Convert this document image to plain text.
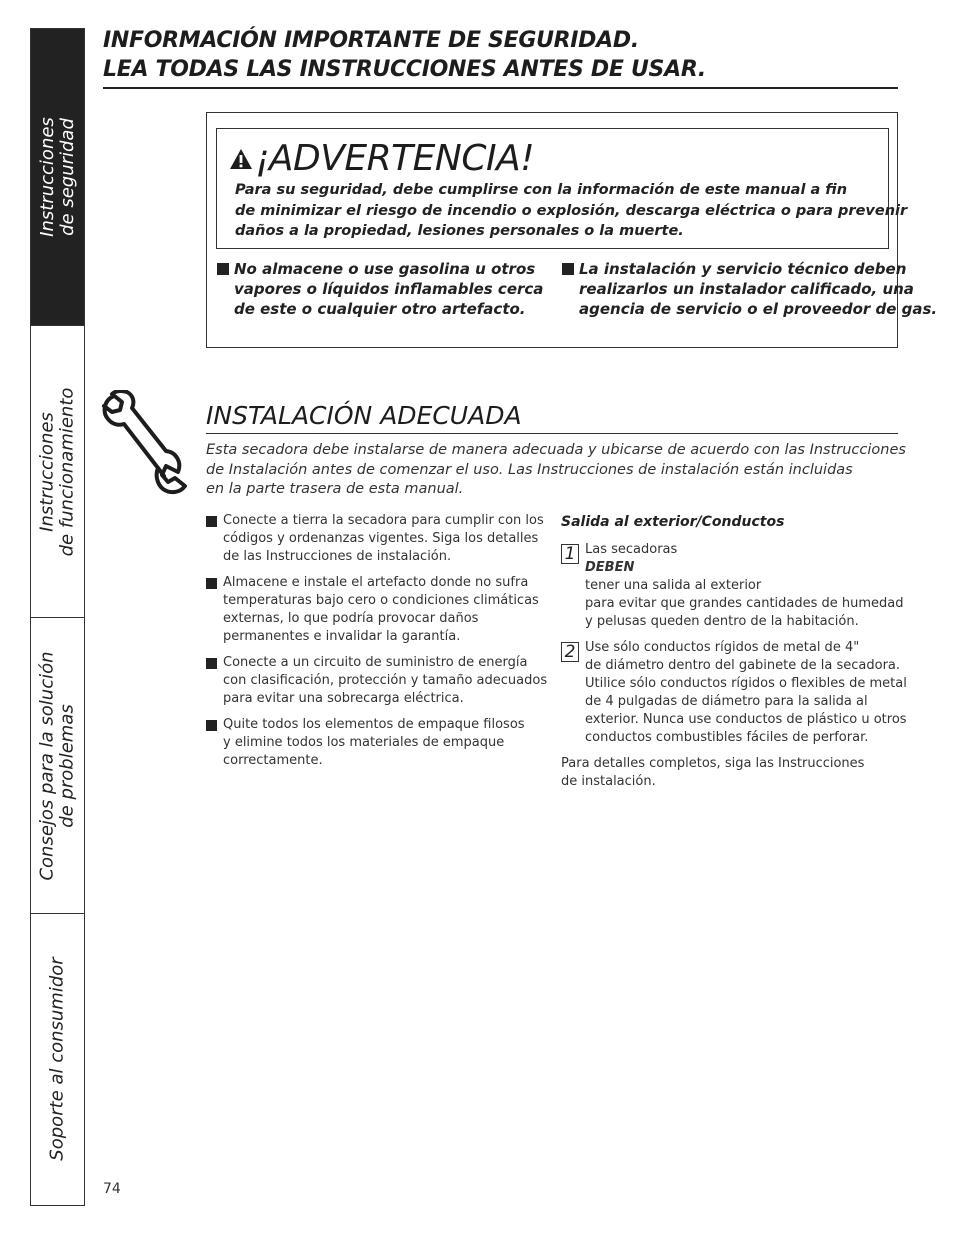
Instrucciones
de seguridad
Instrucciones
de funcionamiento
Consejos para la solución
de problemas
Soporte al consumidor
INFORMACIÓN IMPORTANTE DE SEGURIDAD.
LEA TODAS LAS INSTRUCCIONES ANTES DE USAR.
¡ADVERTENCIA!
Para su seguridad, debe cumplirse con la información de este manual a fin
de minimizar el riesgo de incendio o explosión, descarga eléctrica o para prevenir
daños a la propiedad, lesiones personales o la muerte.
No almacene o use gasolina u otros
vapores o líquidos inflamables cerca
de este o cualquier otro artefacto.
La instalación y servicio técnico deben
realizarlos un instalador calificado, una
agencia de servicio o el proveedor de gas.
INSTALACIÓN ADECUADA
Esta secadora debe instalarse de manera adecuada y ubicarse de acuerdo con las Instrucciones
de Instalación antes de comenzar el uso. Las Instrucciones de instalación están incluidas
en la parte trasera de esta manual.
Conecte a tierra la secadora para cumplir con los
códigos y ordenanzas vigentes. Siga los detalles
de las Instrucciones de instalación.
Almacene e instale el artefacto donde no sufra
temperaturas bajo cero o condiciones climáticas
externas, lo que podría provocar daños
permanentes e invalidar la garantía.
Conecte a un circuito de suministro de energía
con clasificación, protección y tamaño adecuados
para evitar una sobrecarga eléctrica.
Quite todos los elementos de empaque filosos
y elimine todos los materiales de empaque
correctamente.
Salida al exterior/Conductos
1 Las secadoras
DEBEN
tener una salida al exterior
para evitar que grandes cantidades de humedad
y pelusas queden dentro de la habitación.
2 Use sólo conductos rígidos de metal de 4"
de diámetro dentro del gabinete de la secadora.
Utilice sólo conductos rígidos o flexibles de metal
de 4 pulgadas de diámetro para la salida al
exterior. Nunca use conductos de plástico u otros
conductos combustibles fáciles de perforar.
Para detalles completos, siga las Instrucciones
de instalación.
74
